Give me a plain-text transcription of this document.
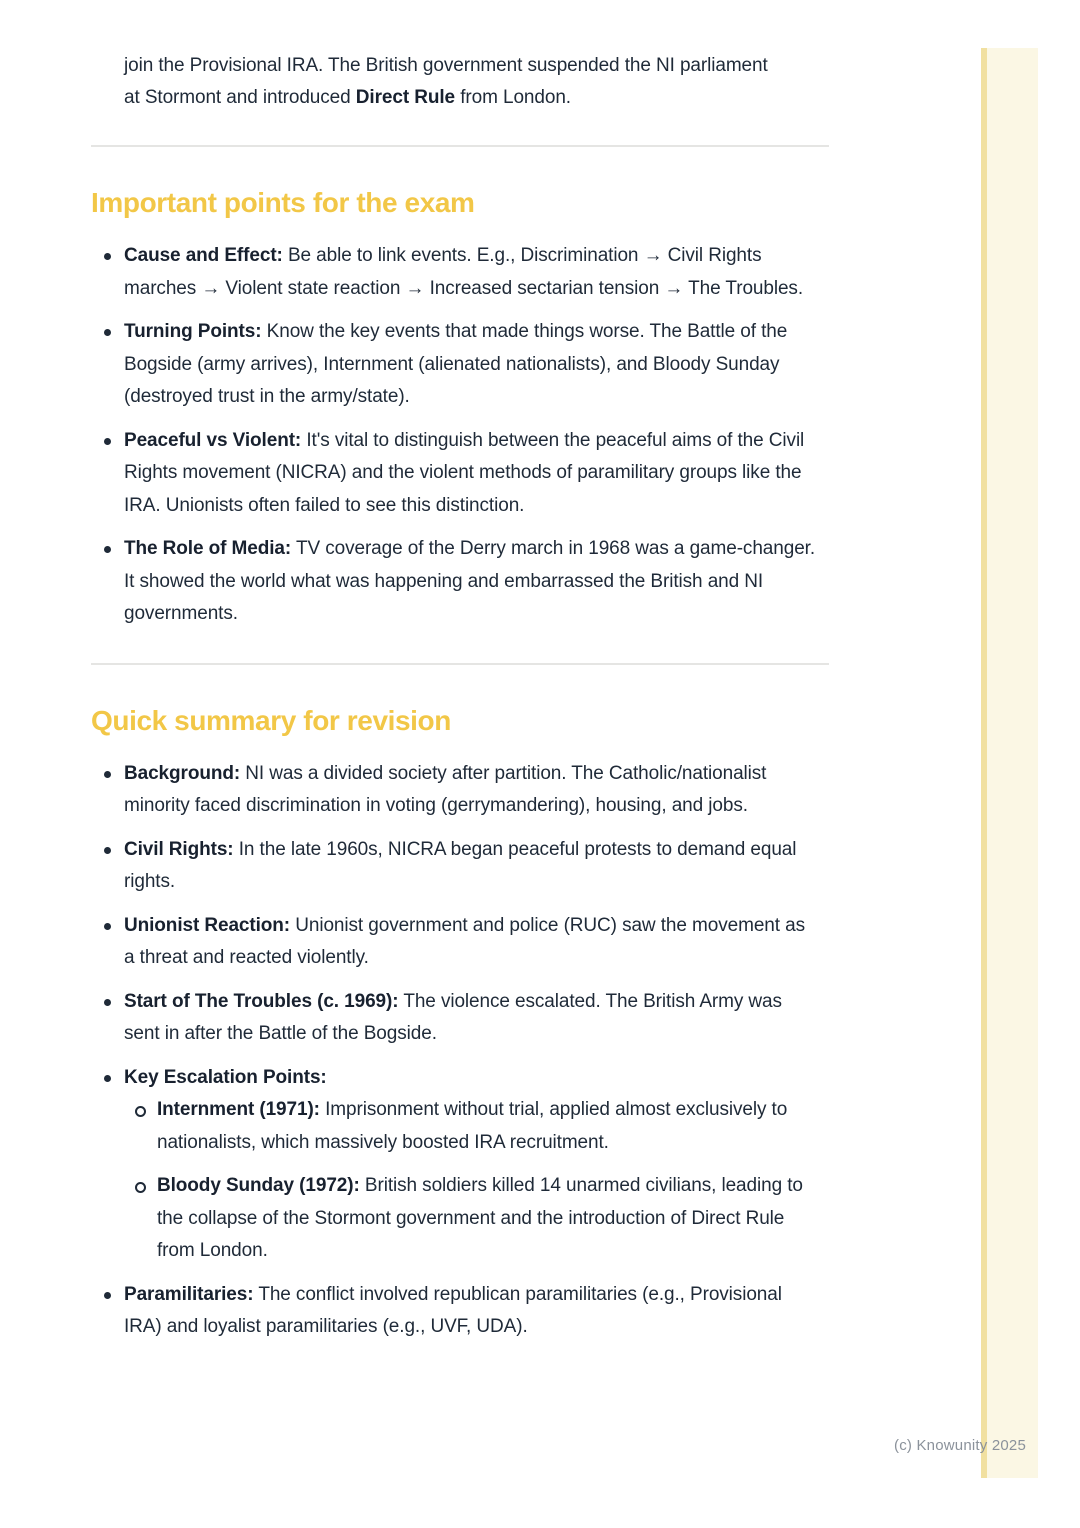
join the Provisional IRA. The British government suspended the NI parliament at Stormont and introduced Direct Rule from London.

Important points for the exam
Cause and Effect: Be able to link events. E.g., Discrimination → Civil Rights marches → Violent state reaction → Increased sectarian tension → The Troubles.
Turning Points: Know the key events that made things worse. The Battle of the Bogside (army arrives), Internment (alienated nationalists), and Bloody Sunday (destroyed trust in the army/state).
Peaceful vs Violent: It's vital to distinguish between the peaceful aims of the Civil Rights movement (NICRA) and the violent methods of paramilitary groups like the IRA. Unionists often failed to see this distinction.
The Role of Media: TV coverage of the Derry march in 1968 was a game-changer. It showed the world what was happening and embarrassed the British and NI governments.
Quick summary for revision
Background: NI was a divided society after partition. The Catholic/nationalist minority faced discrimination in voting (gerrymandering), housing, and jobs.
Civil Rights: In the late 1960s, NICRA began peaceful protests to demand equal rights.
Unionist Reaction: Unionist government and police (RUC) saw the movement as a threat and reacted violently.
Start of The Troubles (c. 1969): The violence escalated. The British Army was sent in after the Battle of the Bogside.
Key Escalation Points:
Internment (1971): Imprisonment without trial, applied almost exclusively to nationalists, which massively boosted IRA recruitment.
Bloody Sunday (1972): British soldiers killed 14 unarmed civilians, leading to the collapse of the Stormont government and the introduction of Direct Rule from London.
Paramilitaries: The conflict involved republican paramilitaries (e.g., Provisional IRA) and loyalist paramilitaries (e.g., UVF, UDA).
(c) Knowunity 2025
